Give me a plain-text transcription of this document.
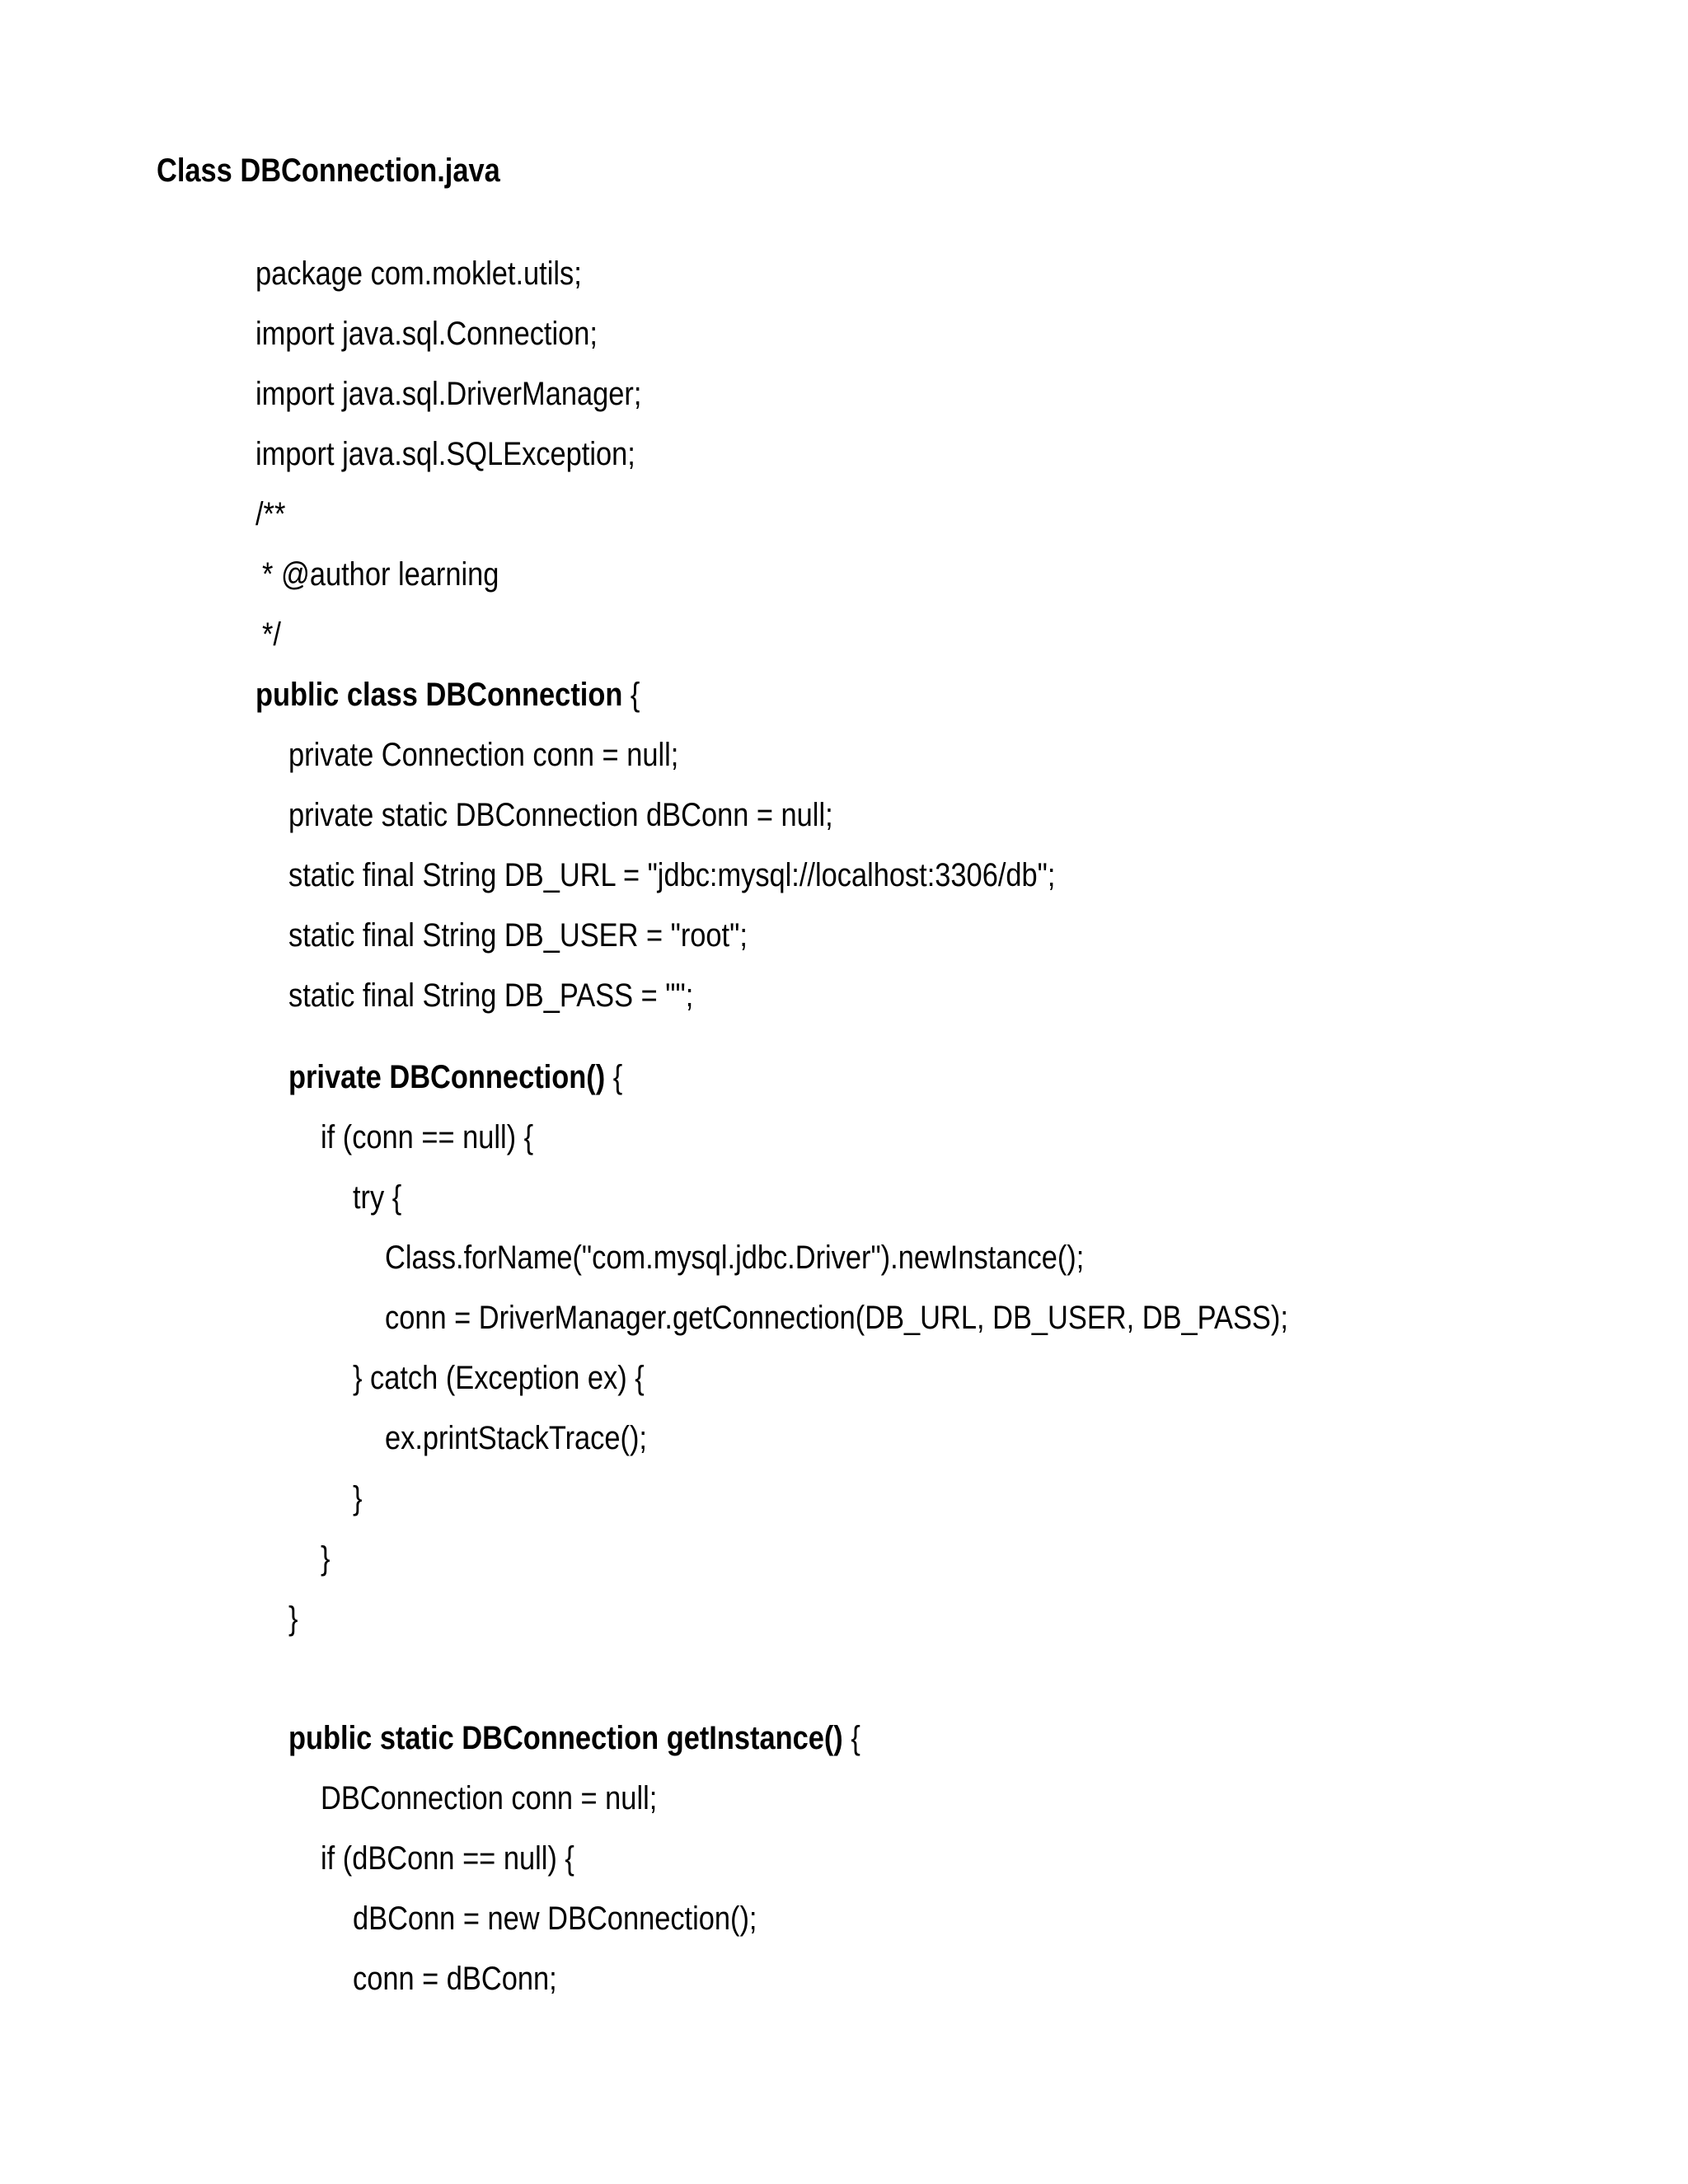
Class DBConnection.java
package com.moklet.utils;
import java.sql.Connection;
import java.sql.DriverManager;
import java.sql.SQLException;
/**
* @author learning
*/
public class DBConnection {
private Connection conn = null;
private static DBConnection dBConn = null;
static final String DB_URL = "jdbc:mysql://localhost:3306/db";
static final String DB_USER = "root";
static final String DB_PASS = "";
private DBConnection() {
if (conn == null) {
try {
Class.forName("com.mysql.jdbc.Driver").newInstance();
conn = DriverManager.getConnection(DB_URL, DB_USER, DB_PASS);
} catch (Exception ex) {
ex.printStackTrace();
}
}
}
public static DBConnection getInstance() {
DBConnection conn = null;
if (dBConn == null) {
dBConn = new DBConnection();
conn = dBConn;
